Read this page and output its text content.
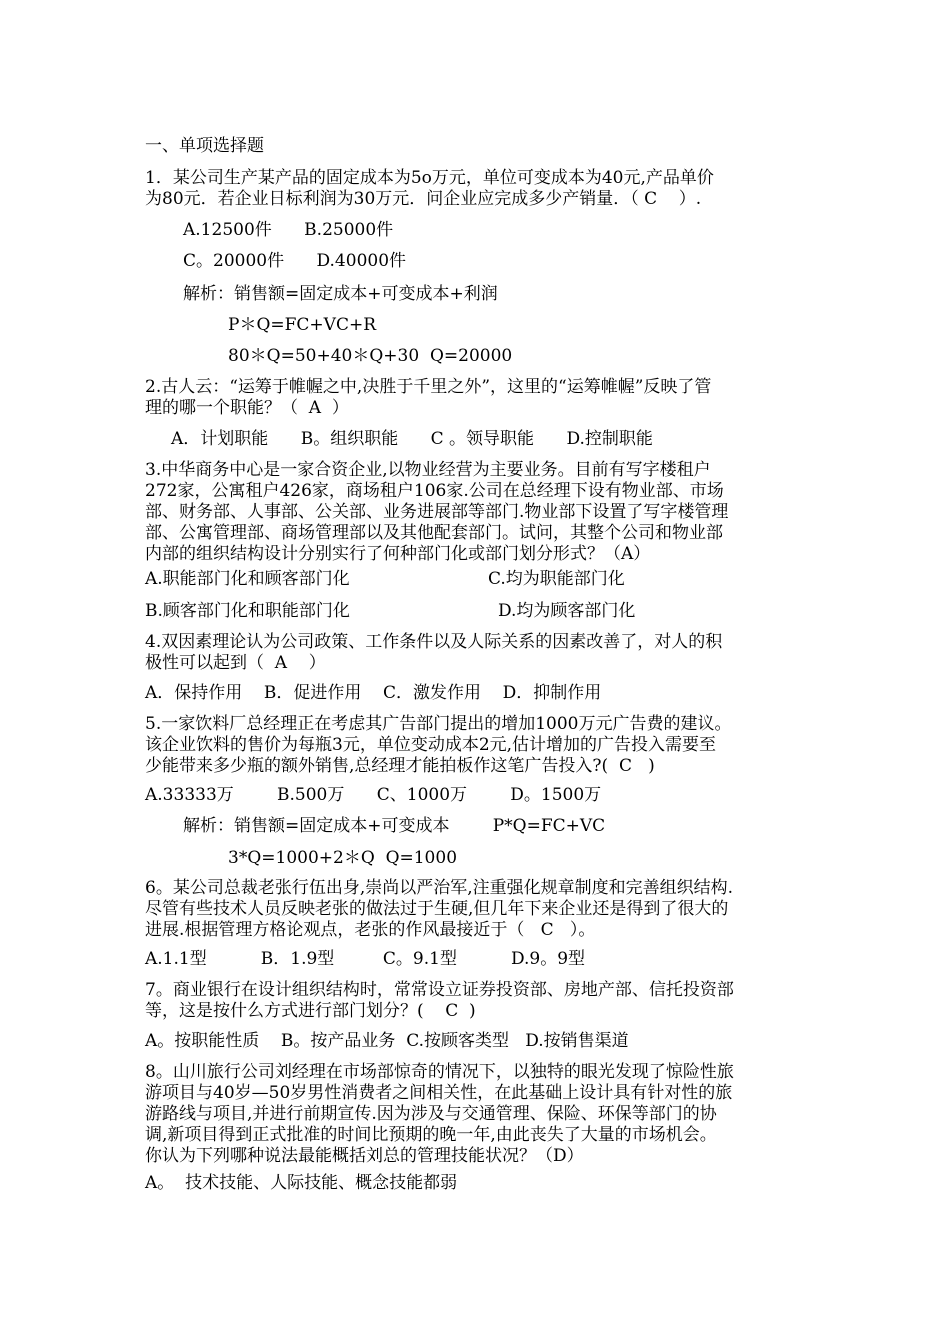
一、单项选择题
1．某公司生产某产品的固定成本为5o万元，单位可变成本为40元,产品单价
为80元．若企业日标利润为30万元．问企业应完成多少产销量．（ C    ）.
A.12500件      B.25000件
C。20000件      D.40000件
解析：销售额=固定成本+可变成本+利润
P＊Q=FC+VC+R
80＊Q=50+40＊Q+30  Q=20000
2.古人云：“运筹于帷幄之中,决胜于千里之外”，这里的“运筹帷幄”反映了管
理的哪一个职能？（  A  ）
A．计划职能      B。组织职能      C 。领导职能      D.控制职能
3.中华商务中心是一家合资企业,以物业经营为主要业务。目前有写字楼租户
272家，公寓租户426家，商场租户106家.公司在总经理下设有物业部、市场
部、财务部、人事部、公关部、业务进展部等部门.物业部下设置了写字楼管理
部、公寓管理部、商场管理部以及其他配套部门。试问，其整个公司和物业部
内部的组织结构设计分别实行了何种部门化或部门划分形式？（A）
A.职能部门化和顾客部门化	C.均为职能部门化
B.顾客部门化和职能部门化	D.均为顾客部门化
4.双因素理论认为公司政策、工作条件以及人际关系的因素改善了，对人的积
极性可以起到（  A    ）
A．保持作用    B．促进作用    C．激发作用    D．抑制作用
5.一家饮料厂总经理正在考虑其广告部门提出的增加1000万元广告费的建议。
该企业饮料的售价为每瓶3元，单位变动成本2元,估计增加的广告投入需要至
少能带来多少瓶的额外销售,总经理才能拍板作这笔广告投入?(  C   )
A.33333万        B.500万      C、1000万        D。1500万
解析：销售额=固定成本+可变成本        P*Q=FC+VC
3*Q=1000+2＊Q  Q=1000
6。某公司总裁老张行伍出身,崇尚以严治军,注重强化规章制度和完善组织结构.
尽管有些技术人员反映老张的做法过于生硬,但几年下来企业还是得到了很大的
进展.根据管理方格论观点，老张的作风最接近于（   C   ）。
A.1.1型          B．1.9型         C。9.1型          D.9。9型
7。商业银行在设计组织结构时，常常设立证券投资部、房地产部、信托投资部
等，这是按什么方式进行部门划分？(    C  )
A。按职能性质    B。按产品业务  C.按顾客类型   D.按销售渠道
8。山川旅行公司刘经理在市场部惊奇的情况下，以独特的眼光发现了惊险性旅
游项目与40岁—50岁男性消费者之间相关性，在此基础上设计具有针对性的旅
游路线与项目,并进行前期宣传.因为涉及与交通管理、保险、环保等部门的协
调,新项目得到正式批准的时间比预期的晚一年,由此丧失了大量的市场机会。
你认为下列哪种说法最能概括刘总的管理技能状况？（D）
A。  技术技能、人际技能、概念技能都弱
